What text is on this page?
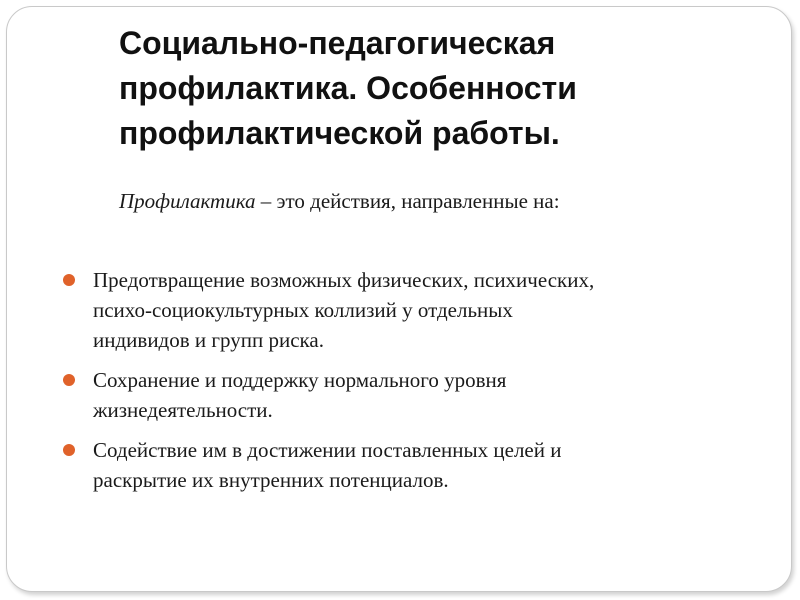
Социально-педагогическая
профилактика. Особенности
профилактической работы.
Профилактика – это действия, направленные на:
Предотвращение возможных физических, психических,
психо-социокультурных коллизий у отдельных
индивидов и групп риска.
Сохранение и поддержку нормального уровня
жизнедеятельности.
Содействие им в достижении поставленных целей и
раскрытие их внутренних потенциалов.
